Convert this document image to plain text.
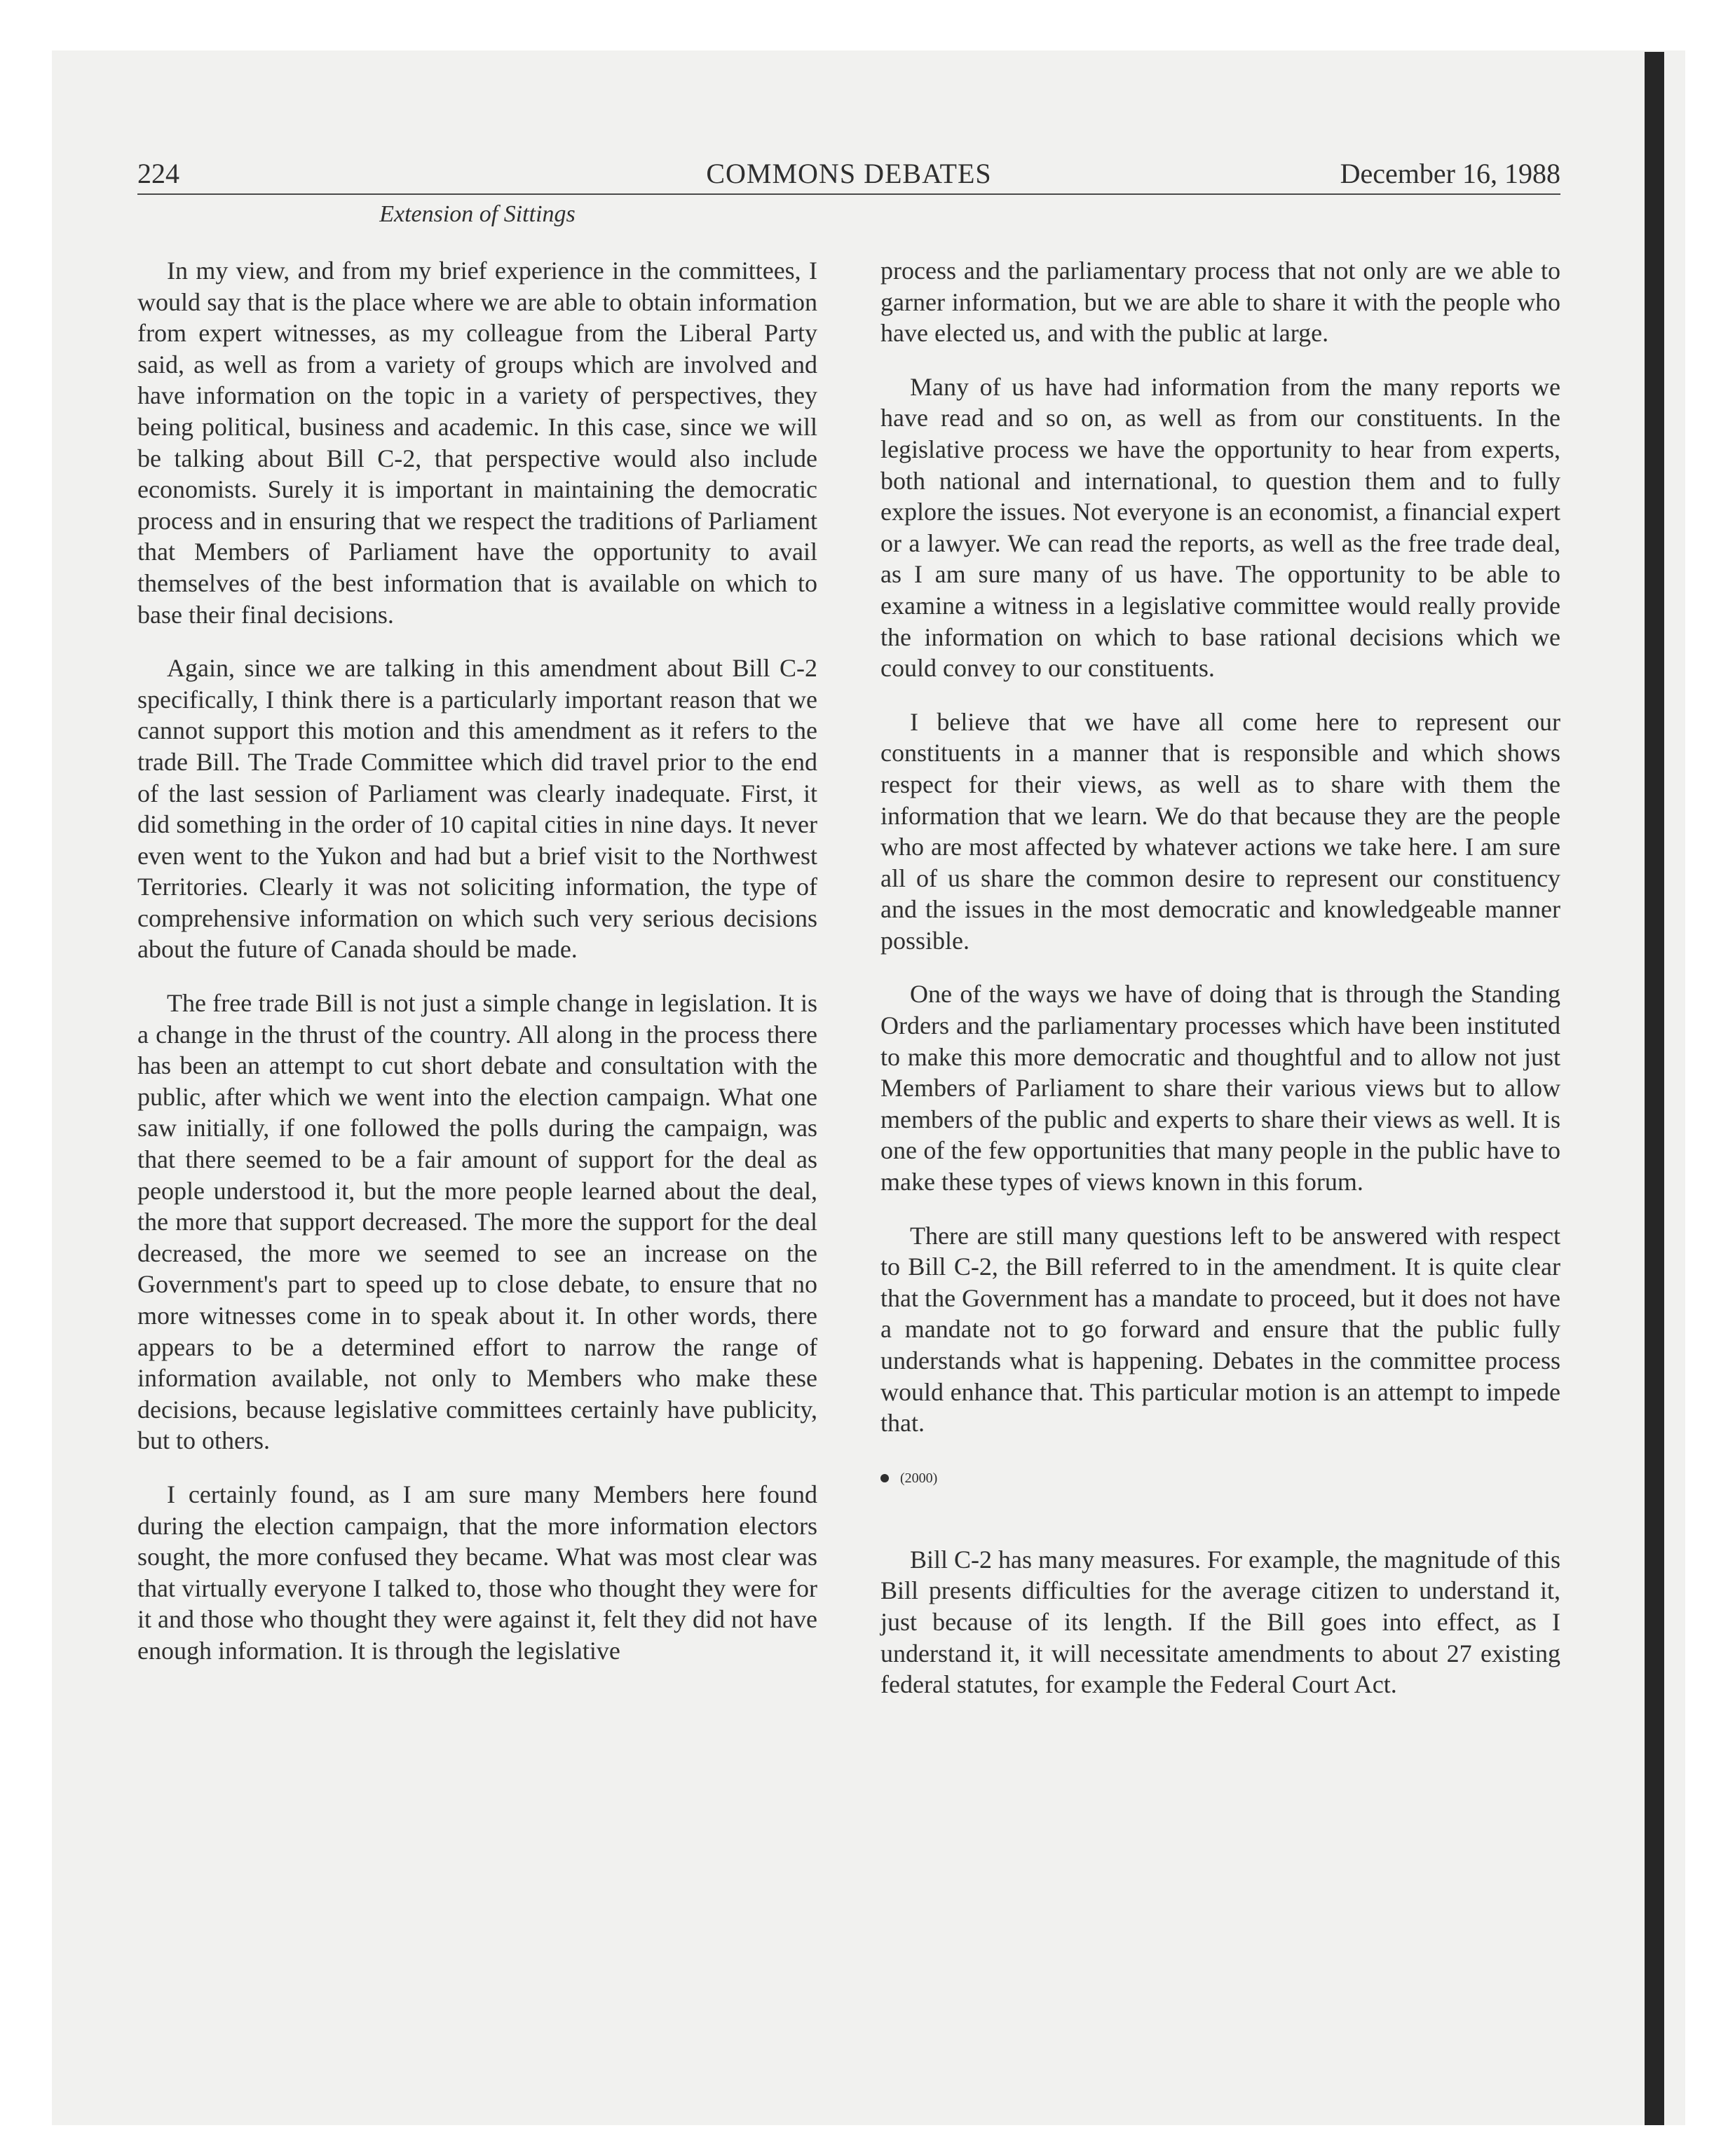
224	COMMONS DEBATES	December 16, 1988
Extension of Sittings

In my view, and from my brief experience in the committees, I would say that is the place where we are able to obtain information from expert witnesses, as my colleague from the Liberal Party said, as well as from a variety of groups which are involved and have information on the topic in a variety of perspectives, they being political, business and academic. In this case, since we will be talking about Bill C-2, that perspective would also include economists. Surely it is important in maintaining the democratic process and in ensuring that we respect the traditions of Parliament that Members of Parliament have the opportunity to avail themselves of the best information that is available on which to base their final decisions.

Again, since we are talking in this amendment about Bill C-2 specifically, I think there is a particularly important reason that we cannot support this motion and this amendment as it refers to the trade Bill. The Trade Committee which did travel prior to the end of the last session of Parliament was clearly inadequate. First, it did something in the order of 10 capital cities in nine days. It never even went to the Yukon and had but a brief visit to the Northwest Territories. Clearly it was not soliciting information, the type of comprehensive information on which such very serious decisions about the future of Canada should be made.

The free trade Bill is not just a simple change in legislation. It is a change in the thrust of the country. All along in the process there has been an attempt to cut short debate and consultation with the public, after which we went into the election campaign. What one saw initially, if one followed the polls during the campaign, was that there seemed to be a fair amount of support for the deal as people understood it, but the more people learned about the deal, the more that support decreased. The more the support for the deal decreased, the more we seemed to see an increase on the Government's part to speed up to close debate, to ensure that no more witnesses come in to speak about it. In other words, there appears to be a determined effort to narrow the range of information available, not only to Members who make these decisions, because legislative committees certainly have publicity, but to others.

I certainly found, as I am sure many Members here found during the election campaign, that the more information electors sought, the more confused they became. What was most clear was that virtually everyone I talked to, those who thought they were for it and those who thought they were against it, felt they did not have enough information. It is through the legislative

process and the parliamentary process that not only are we able to garner information, but we are able to share it with the people who have elected us, and with the public at large.

Many of us have had information from the many reports we have read and so on, as well as from our constituents. In the legislative process we have the opportunity to hear from experts, both national and international, to question them and to fully explore the issues. Not everyone is an economist, a financial expert or a lawyer. We can read the reports, as well as the free trade deal, as I am sure many of us have. The opportunity to be able to examine a witness in a legislative committee would really provide the information on which to base rational decisions which we could convey to our constituents.

I believe that we have all come here to represent our constituents in a manner that is responsible and which shows respect for their views, as well as to share with them the information that we learn. We do that because they are the people who are most affected by whatever actions we take here. I am sure all of us share the common desire to represent our constituency and the issues in the most democratic and knowledgeable manner possible.

One of the ways we have of doing that is through the Standing Orders and the parliamentary processes which have been instituted to make this more democratic and thoughtful and to allow not just Members of Parliament to share their various views but to allow members of the public and experts to share their views as well. It is one of the few opportunities that many people in the public have to make these types of views known in this forum.

There are still many questions left to be answered with respect to Bill C-2, the Bill referred to in the amendment. It is quite clear that the Government has a mandate to proceed, but it does not have a mandate not to go forward and ensure that the public fully understands what is happening. Debates in the committee process would enhance that. This particular motion is an attempt to impede that.

(2000)

Bill C-2 has many measures. For example, the magnitude of this Bill presents difficulties for the average citizen to understand it, just because of its length. If the Bill goes into effect, as I understand it, it will necessitate amendments to about 27 existing federal statutes, for example the Federal Court Act.
